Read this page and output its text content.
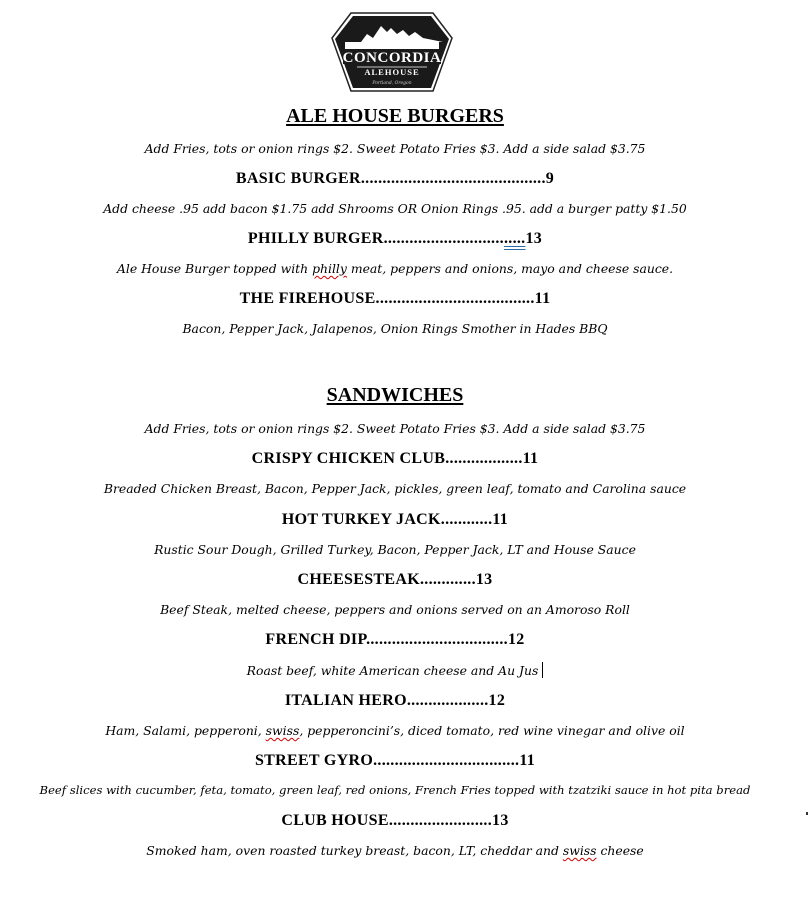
CONCORDIA
ALEHOUSE
Portland, Oregon
ALE HOUSE BURGERS
Add Fries, tots or onion rings $2. Sweet Potato Fries $3. Add a side salad $3.75
BASIC BURGER...........................................9
Add cheese .95 add bacon $1.75 add Shrooms OR Onion Rings .95. add a burger patty $1.50
PHILLY BURGER.................................13
Ale House Burger topped with philly meat, peppers and onions, mayo and cheese sauce.
THE FIREHOUSE.....................................11
Bacon, Pepper Jack, Jalapenos, Onion Rings Smother in Hades BBQ
SANDWICHES
Add Fries, tots or onion rings $2. Sweet Potato Fries $3. Add a side salad $3.75
CRISPY CHICKEN CLUB..................11
Breaded Chicken Breast, Bacon, Pepper Jack, pickles, green leaf, tomato and Carolina sauce
HOT TURKEY JACK............11
Rustic Sour Dough, Grilled Turkey, Bacon, Pepper Jack, LT and House Sauce
CHEESESTEAK.............13
Beef Steak, melted cheese, peppers and onions served on an Amoroso Roll
FRENCH DIP.................................12
Roast beef, white American cheese and Au Jus
ITALIAN HERO...................12
Ham, Salami, pepperoni, swiss, pepperoncini’s, diced tomato, red wine vinegar and olive oil
STREET GYRO..................................11
Beef slices with cucumber, feta, tomato, green leaf, red onions, French Fries topped with tzatziki sauce in hot pita bread
CLUB HOUSE........................13
Smoked ham, oven roasted turkey breast, bacon, LT, cheddar and swiss cheese
